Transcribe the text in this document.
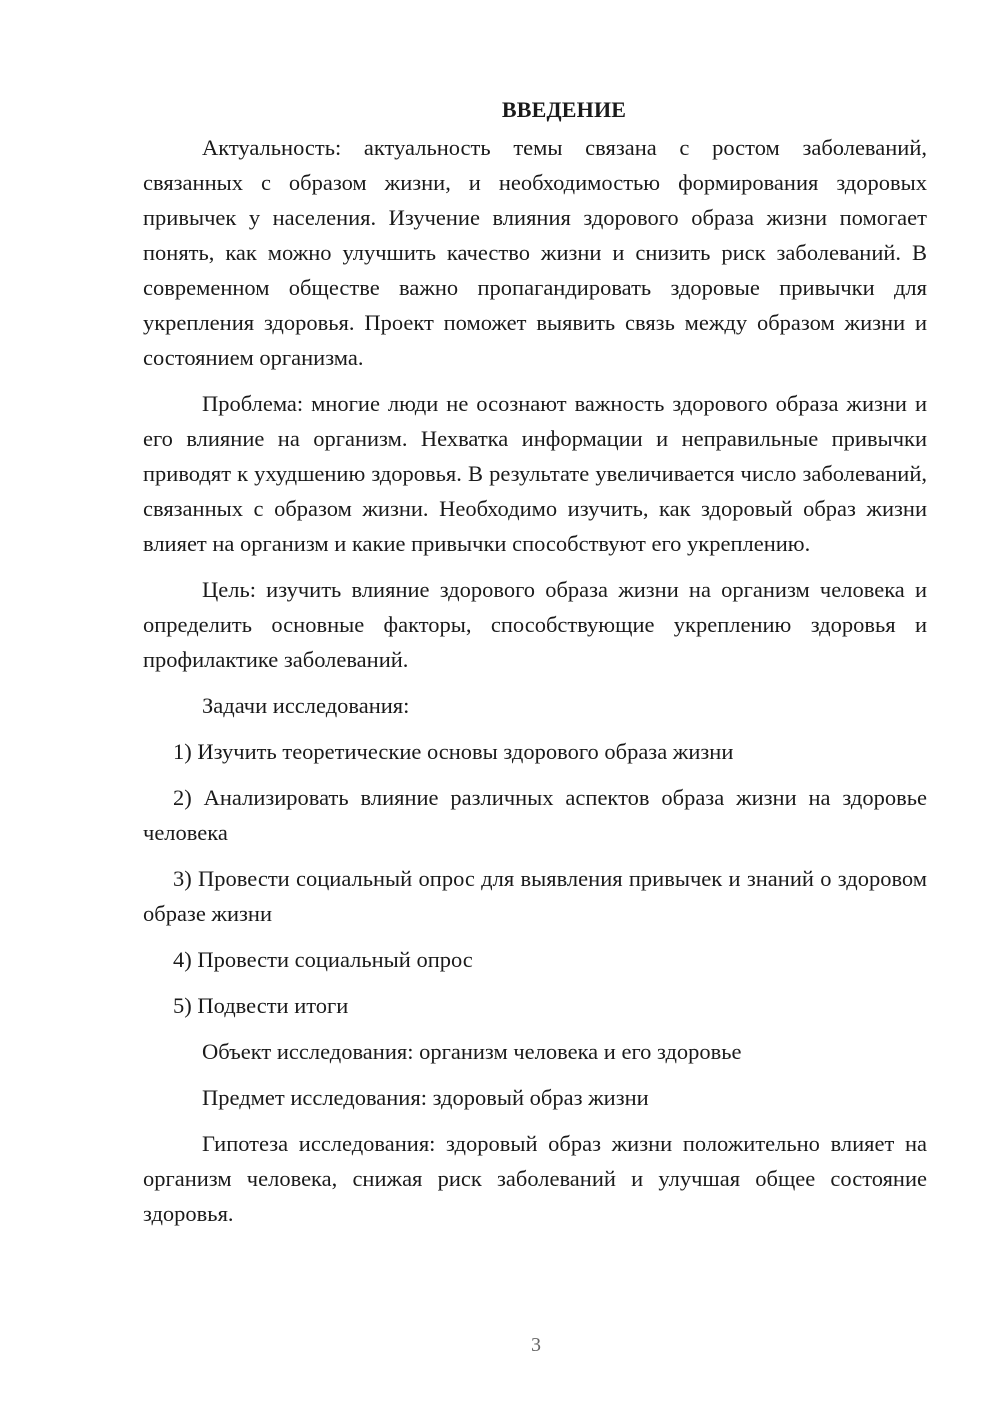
ВВЕДЕНИЕ

Актуальность: актуальность темы связана с ростом заболеваний, связанных с образом жизни, и необходимостью формирования здоровых привычек у населения. Изучение влияния здорового образа жизни помогает понять, как можно улучшить качество жизни и снизить риск заболеваний. В современном обществе важно пропагандировать здоровые привычки для укрепления здоровья. Проект поможет выявить связь между образом жизни и состоянием организма.

Проблема: многие люди не осознают важность здорового образа жизни и его влияние на организм. Нехватка информации и неправильные привычки приводят к ухудшению здоровья. В результате увеличивается число заболеваний, связанных с образом жизни. Необходимо изучить, как здоровый образ жизни влияет на организм и какие привычки способствуют его укреплению.

Цель: изучить влияние здорового образа жизни на организм человека и определить основные факторы, способствующие укреплению здоровья и профилактике заболеваний.

Задачи исследования:

1) Изучить теоретические основы здорового образа жизни

2) Анализировать влияние различных аспектов образа жизни на здоровье человека

3) Провести социальный опрос для выявления привычек и знаний о здоровом образе жизни

4) Провести социальный опрос

5) Подвести итоги

Объект исследования: организм человека и его здоровье

Предмет исследования: здоровый образ жизни

Гипотеза исследования: здоровый образ жизни положительно влияет на организм человека, снижая риск заболеваний и улучшая общее состояние здоровья.

3
